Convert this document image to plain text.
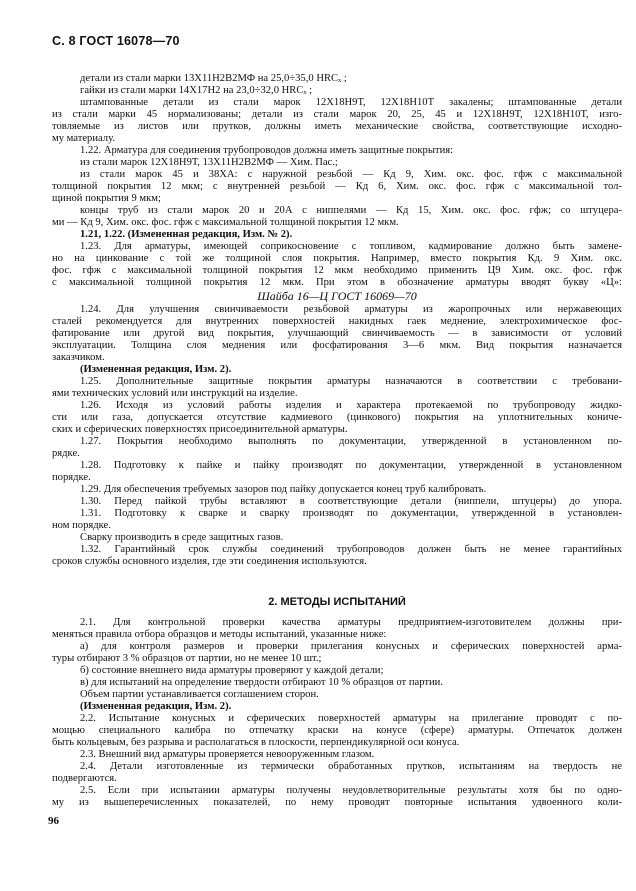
С. 8 ГОСТ 16078—70
детали из стали марки 13Х11Н2В2МФ на 25,0÷35,0 HRCₓ ;
гайки из стали марки 14Х17Н2 на 23,0÷32,0 HRCₓ ;
штампованные детали из стали марок 12Х18Н9Т, 12Х18Н10Т закалены; штампованные детали
из стали марки 45 нормализованы; детали из стали марок 20, 25, 45 и 12Х18Н9Т, 12Х18Н10Т, изго-
товляемые из листов или прутков, должны иметь механические свойства, соответствующие исходно-
му материалу.
1.22. Арматура для соединения трубопроводов должна иметь защитные покрытия:
из стали марок 12Х18Н9Т, 13Х11Н2В2МФ — Хим. Пас.;
из стали марок 45 и 38ХА: с наружной резьбой — Кд 9, Хим. окс. фос. гфж с максимальной
толщиной покрытия 12 мкм; с внутренней резьбой — Кд 6, Хим. окс. фос. гфж с максимальной тол-
щиной покрытия 9 мкм;
концы труб из стали марок 20 и 20А с ниппелями — Кд 15, Хим. окс. фос. гфж; со штуцера-
ми — Кд 9, Хим. окс. фос. гфж с максимальной толщиной покрытия 12 мкм.
1.21, 1.22. (Измененная редакция, Изм. № 2).
1.23. Для арматуры, имеющей соприкосновение с топливом, кадмирование должно быть замене-
но на цинкование с той же толщиной слоя покрытия. Например, вместо покрытия Кд. 9 Хим. окс.
фос. гфж с максимальной толщиной покрытия 12 мкм необходимо применить Ц9 Хим. окс. фос. гфж
с максимальной толщиной покрытия 12 мкм. При этом в обозначение арматуры вводят букву «Ц»:
Шайба 16—Ц ГОСТ 16069—70
1.24. Для улучшения свинчиваемости резьбовой арматуры из жаропрочных или нержавеющих
сталей рекомендуется для внутренних поверхностей накидных гаек меднение, электрохимическое фос-
фатирование или другой вид покрытия, улучшающий свинчиваемость — в зависимости от условий
эксплуатации. Толщина слоя меднения или фосфатирования 3—6 мкм. Вид покрытия назначается
заказчиком.
(Измененная редакция, Изм. 2).
1.25. Дополнительные защитные покрытия арматуры назначаются в соответствии с требовани-
ями технических условий или инструкций на изделие.
1.26. Исходя из условий работы изделия и характера протекаемой по трубопроводу жидко-
сти или газа, допускается отсутствие кадмиевого (цинкового) покрытия на уплотнительных кониче-
ских и сферических поверхностях присоединительной арматуры.
1.27. Покрытия необходимо выполнять по документации, утвержденной в установленном по-
рядке.
1.28. Подготовку к пайке и пайку производят по документации, утвержденной в установленном
порядке.
1.29. Для обеспечения требуемых зазоров под пайку допускается конец труб калибровать.
1.30. Перед пайкой трубы вставляют в соответствующие детали (ниппели, штуцеры) до упора.
1.31. Подготовку к сварке и сварку производят по документации, утвержденной в установлен-
ном порядке.
Сварку производить в среде защитных газов.
1.32. Гарантийный срок службы соединений трубопроводов должен быть не менее гарантийных
сроков службы основного изделия, где эти соединения используются.
2. МЕТОДЫ ИСПЫТАНИЙ
2.1. Для контрольной проверки качества арматуры предприятием-изготовителем должны при-
меняться правила отбора образцов и методы испытаний, указанные ниже:
а) для контроля размеров и проверки прилегания конусных и сферических поверхностей арма-
туры отбирают 3 % образцов от партии, но не менее 10 шт.;
б) состояние внешнего вида арматуры проверяют у каждой детали;
в) для испытаний на определение твердости отбирают 10 % образцов от партии.
Объем партии устанавливается соглашением сторон.
(Измененная редакция, Изм. 2).
2.2. Испытание конусных и сферических поверхностей арматуры на прилегание проводят с по-
мощью специального калибра по отпечатку краски на конусе (сфере) арматуры. Отпечаток должен
быть кольцевым, без разрыва и располагаться в плоскости, перпендикулярной оси конуса.
2.3. Внешний вид арматуры проверяется невооруженным глазом.
2.4. Детали изготовленные из термически обработанных прутков, испытаниям на твердость не
подвергаются.
2.5. Если при испытании арматуры получены неудовлетворительные результаты хотя бы по одно-
му из вышеперечисленных показателей, по нему проводят повторные испытания удвоенного коли-
96
